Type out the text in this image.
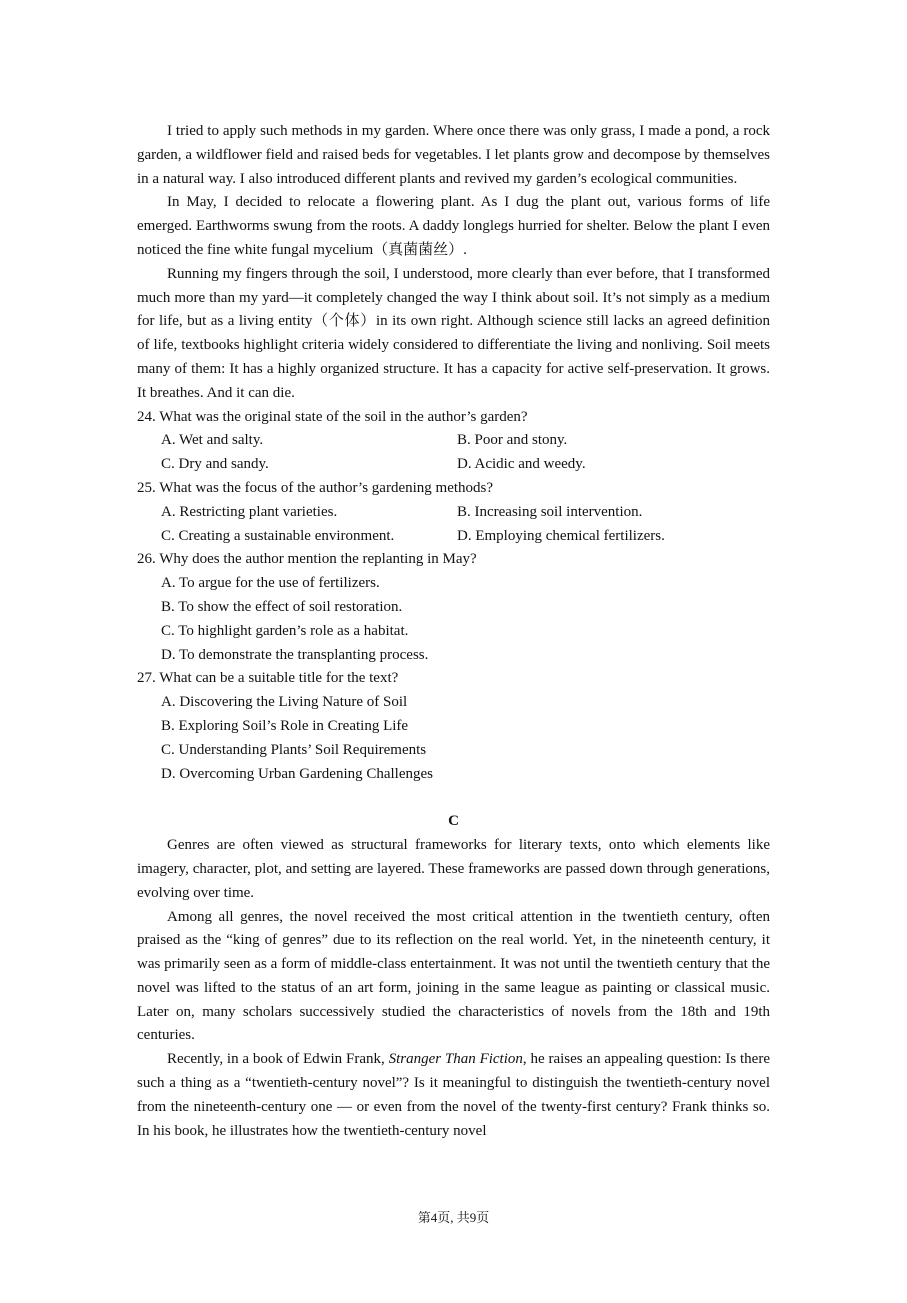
I tried to apply such methods in my garden. Where once there was only grass, I made a pond, a rock garden, a wildflower field and raised beds for vegetables. I let plants grow and decompose by themselves in a natural way. I also introduced different plants and revived my garden’s ecological communities.

In May, I decided to relocate a flowering plant. As I dug the plant out, various forms of life emerged. Earthworms swung from the roots. A daddy longlegs hurried for shelter. Below the plant I even noticed the fine white fungal mycelium（真菌菌丝）.

Running my fingers through the soil, I understood, more clearly than ever before, that I transformed much more than my yard—it completely changed the way I think about soil. It’s not simply as a medium for life, but as a living entity（个体）in its own right. Although science still lacks an agreed definition of life, textbooks highlight criteria widely considered to differentiate the living and nonliving. Soil meets many of them: It has a highly organized structure. It has a capacity for active self-preservation. It grows. It breathes. And it can die.

24. What was the original state of the soil in the author’s garden?
A. Wet and salty.	B. Poor and stony.
C. Dry and sandy.	D. Acidic and weedy.
25. What was the focus of the author’s gardening methods?
A. Restricting plant varieties.	B. Increasing soil intervention.
C. Creating a sustainable environment.	D. Employing chemical fertilizers.
26. Why does the author mention the replanting in May?
A. To argue for the use of fertilizers.
B. To show the effect of soil restoration.
C. To highlight garden’s role as a habitat.
D. To demonstrate the transplanting process.
27. What can be a suitable title for the text?
A. Discovering the Living Nature of Soil
B. Exploring Soil’s Role in Creating Life
C. Understanding Plants’ Soil Requirements
D. Overcoming Urban Gardening Challenges
C

Genres are often viewed as structural frameworks for literary texts, onto which elements like imagery, character, plot, and setting are layered. These frameworks are passed down through generations, evolving over time.

Among all genres, the novel received the most critical attention in the twentieth century, often praised as the “king of genres” due to its reflection on the real world. Yet, in the nineteenth century, it was primarily seen as a form of middle-class entertainment. It was not until the twentieth century that the novel was lifted to the status of an art form, joining in the same league as painting or classical music. Later on, many scholars successively studied the characteristics of novels from the 18th and 19th centuries.

Recently, in a book of Edwin Frank, Stranger Than Fiction, he raises an appealing question: Is there such a thing as a “twentieth-century novel”? Is it meaningful to distinguish the twentieth-century novel from the nineteenth-century one — or even from the novel of the twenty-first century? Frank thinks so. In his book, he illustrates how the twentieth-century novel

第4页, 共9页
